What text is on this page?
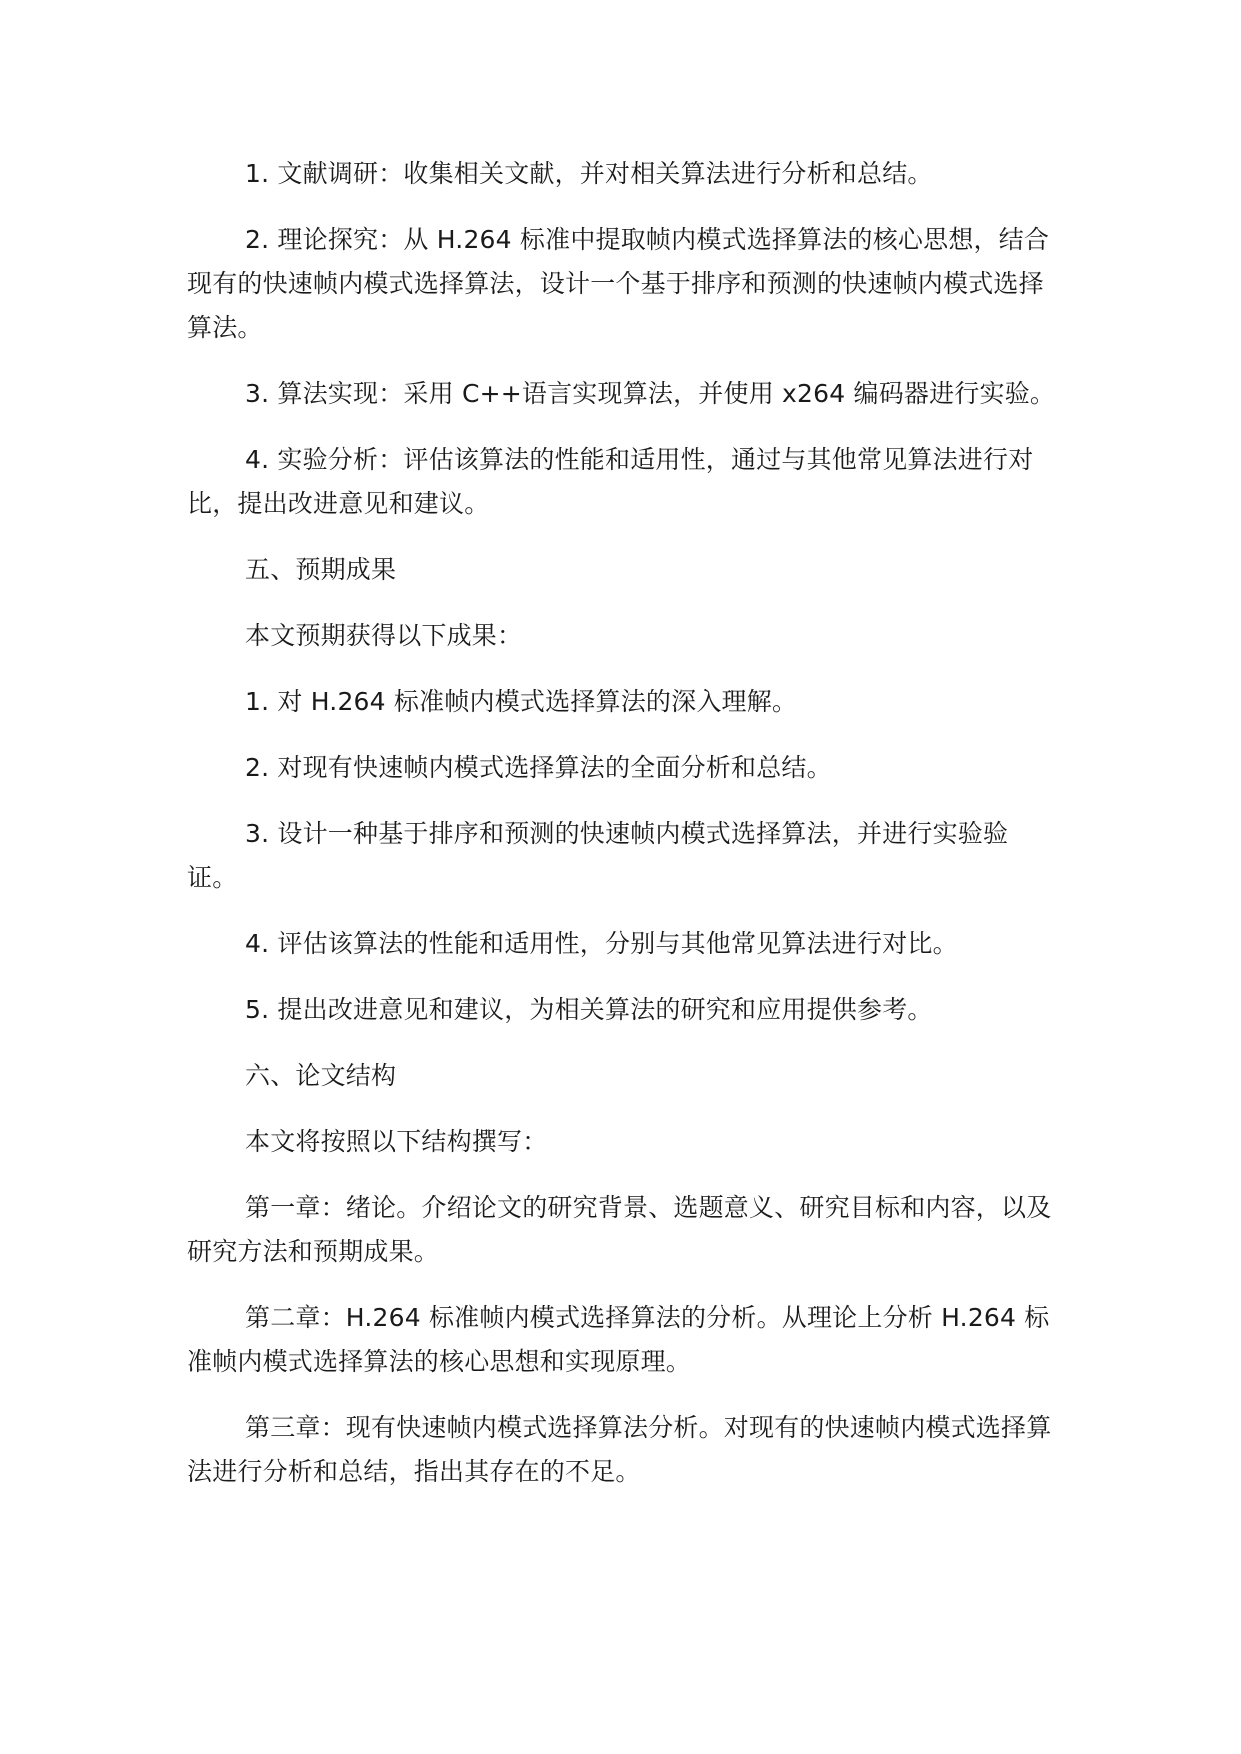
1. 文献调研：收集相关文献，并对相关算法进行分析和总结。

2. 理论探究：从 H.264 标准中提取帧内模式选择算法的核心思想，结合现有的快速帧内模式选择算法，设计一个基于排序和预测的快速帧内模式选择算法。

3. 算法实现：采用 C++语言实现算法，并使用 x264 编码器进行实验。

4. 实验分析：评估该算法的性能和适用性，通过与其他常见算法进行对比，提出改进意见和建议。

五、预期成果

本文预期获得以下成果：

1. 对 H.264 标准帧内模式选择算法的深入理解。

2. 对现有快速帧内模式选择算法的全面分析和总结。

3. 设计一种基于排序和预测的快速帧内模式选择算法，并进行实验验证。

4. 评估该算法的性能和适用性，分别与其他常见算法进行对比。

5. 提出改进意见和建议，为相关算法的研究和应用提供参考。

六、论文结构

本文将按照以下结构撰写：

第一章：绪论。介绍论文的研究背景、选题意义、研究目标和内容，以及研究方法和预期成果。

第二章：H.264 标准帧内模式选择算法的分析。从理论上分析 H.264 标准帧内模式选择算法的核心思想和实现原理。

第三章：现有快速帧内模式选择算法分析。对现有的快速帧内模式选择算法进行分析和总结，指出其存在的不足。
